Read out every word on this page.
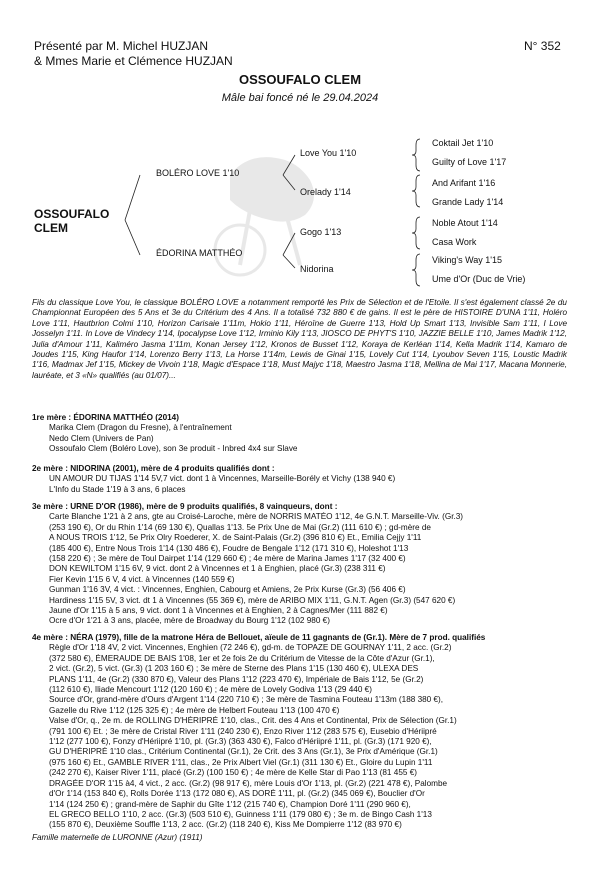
Présenté par M. Michel HUZJAN
& Mmes Marie et Clémence HUZJAN
N° 352
OSSOUFALO CLEM
Mâle bai foncé né le 29.04.2024
OSSOUFALO
CLEM
BOLÉRO LOVE 1'10
ÉDORINA MATTHÉO
Love You 1'10
Orelady 1'14
Gogo 1'13
Nidorina
Coktail Jet 1'10
Guilty of Love 1'17
And Arifant 1'16
Grande Lady 1'14
Noble Atout 1'14
Casa Work
Viking's Way 1'15
Ume d'Or (Duc de Vrie)
Fils du classique Love You, le classique BOLÉRO LOVE a notamment remporté les Prix de Sélection et de l'Etoile. Il s'est également classé 2e du Championnat Européen des 5 Ans et 3e du Critérium des 4 Ans. Il a totalisé 732 880 € de gains. Il est le père de HISTOIRE D'UNA 1'11, Holéro Love 1'11, Hautbrion Colmi 1'10, Horizon Carisaie 1'11m, Hokio 1'11, Héroïne de Guerre 1'13, Hold Up Smart 1'13, Invisible Sam 1'11, I Love Josselyn 1'11. In Love de Vindecy 1'14, Ipocalypse Love 1'12, Irminio Kily 1'13, JIOSCO DE PHYT'S 1'10, JAZZIE BELLE 1'10, James Madrik 1'12, Julia d'Amour 1'11, Kaliméro Jasma 1'11m, Konan Jersey 1'12, Kronos de Busset 1'12, Koraya de Kerléan 1'14, Kella Madrik 1'14, Kamaro de Joudes 1'15, King Haufor 1'14, Lorenzo Berry 1'13, La Horse 1'14m, Lewis de Ginai 1'15, Lovely Cut 1'14, Lyoubov Seven 1'15, Loustic Madrik 1'16, Madmax Jef 1'15, Mickey de Vivoin 1'18, Magic d'Espace 1'18, Must Majyc 1'18, Maestro Jasma 1'18, Mellina de Mai 1'17, Macana Monnerie, lauréate, et 3 «N» qualifiés (au 01/07)...
1re mère : ÉDORINA MATTHÉO (2014)
Marika Clem (Dragon du Fresne), à l'entraînement
Nedo Clem (Univers de Pan)
Ossoufalo Clem (Boléro Love), son 3e produit - Inbred 4x4 sur Slave
2e mère : NIDORINA (2001), mère de 4 produits qualifiés dont :
UN AMOUR DU TIJAS 1'14 5V,7 vict. dont 1 à Vincennes, Marseille-Borély et Vichy (138 940 €)
L'Info du Stade 1'19 à 3 ans, 6 places
3e mère : URNE D'OR (1986), mère de 9 produits qualifiés, 8 vainqueurs, dont :
Carte Blanche 1'21 à 2 ans, gte au Croisé-Laroche, mère de NORRIS MATÉO 1'12, 4e G.N.T. Marseille-Viv. (Gr.3)
(253 190 €), Or du Rhin 1'14 (69 130 €), Quallas 1'13. 5e Prix Une de Mai (Gr.2) (111 610 €) ; gd-mère de
A NOUS TROIS 1'12, 5e Prix Olry Roederer, X. de Saint-Palais (Gr.2) (396 810 €) Et., Emilia Cejjy 1'11
(185 400 €), Entre Nous Trois 1'14 (130 486 €), Foudre de Bengale 1'12 (171 310 €), Holeshot 1'13
(158 220 €) ; 3e mère de Toul Dairpet 1'14 (129 660 €) ; 4e mère de Marina James 1'17 (32 400 €)
DON KEWILTOM 1'15 6V, 9 vict. dont 2 à Vincennes et 1 à Enghien, placé (Gr.3) (238 311 €)
Fier Kevin 1'15 6 V, 4 vict. à Vincennes (140 559 €)
Gunman 1'16 3V, 4 vict. : Vincennes, Enghien, Cabourg et Amiens, 2e Prix Kurse (Gr.3) (56 406 €)
Hardiness 1'15 5V, 3 vict. dt 1 à Vincennes (55 369 €), mère de ARIBO MIX 1'11, G.N.T. Agen (Gr.3) (547 620 €)
Jaune d'Or 1'15 à 5 ans, 9 vict. dont 1 à Vincennes et à Enghien, 2 à Cagnes/Mer (111 882 €)
Ocre d'Or 1'21 à 3 ans, placée, mère de Broadway du Bourg 1'12 (102 980 €)
4e mère : NÉRA (1979), fille de la matrone Héra de Bellouet, aïeule de 11 gagnants de (Gr.1). Mère de 7 prod. qualifiés
Règle d'Or 1'18 4V, 2 vict. Vincennes, Enghien (72 246 €), gd-m. de TOPAZE DE GOURNAY 1'11, 2 acc. (Gr.2)
(372 580 €), ÉMERAUDE DE BAIS 1'08, 1er et 2e fois 2e du Critérium de Vitesse de la Côte d'Azur (Gr.1),
2 vict. (Gr.2), 5 vict. (Gr.3) (1 203 160 €) ; 3e mère de Sterne des Plans 1'15 (130 460 €), ULEXA DES
PLANS 1'11, 4e (Gr.2) (330 870 €), Valeur des Plans 1'12 (223 470 €), Impériale de Bais 1'12, 5e (Gr.2)
(112 610 €), Iliade Mencourt 1'12 (120 160 €) ; 4e mère de Lovely Godiva 1'13 (29 440 €)
Source d'Or, grand-mère d'Ours d'Argent 1'14 (220 710 €) ; 3e mère de Tasmina Fouteau 1'13m (188 380 €),
Gazelle du Rive 1'12 (125 325 €) ; 4e mère de Helbert Fouteau 1'13 (100 470 €)
Valse d'Or, q., 2e m. de ROLLING D'HÉRIPRÉ 1'10, clas., Crit. des 4 Ans et Continental, Prix de Sélection (Gr.1)
(791 100 €) Et. ; 3e mère de Cristal River 1'11 (240 230 €), Enzo River 1'12 (283 575 €), Eusebio d'Hériipré
1'12 (277 100 €), Fonzy d'Hériipré 1'10, pl. (Gr.3) (363 430 €), Falco d'Hériipré 1'11, pl. (Gr.3) (171 920 €),
GU D'HÉRIPRÉ 1'10 clas., Critérium Continental (Gr.1), 2e Crit. des 3 Ans (Gr.1), 3e Prix d'Amérique (Gr.1)
(975 160 €) Et., GAMBLE RIVER 1'11, clas., 2e Prix Albert Viel (Gr.1) (311 130 €) Et., Gloire du Lupin 1'11
(242 270 €), Kaiser River 1'11, placé (Gr.2) (100 150 €) ; 4e mère de Kelle Star di Pao 1'13 (81 455 €)
DRAGÉE D'OR 1'15 à4, 4 vict., 2 acc. (Gr.2) (98 917 €), mère Louis d'Or 1'13, pl. (Gr.2) (221 478 €), Palombe
d'Or 1'14 (153 840 €), Rolls Dorée 1'13 (172 080 €), AS DORÉ 1'11, pl. (Gr.2) (345 069 €), Bouclier d'Or
1'14 (124 250 €) ; grand-mère de Saphir du Gîte 1'12 (215 740 €), Champion Doré 1'11 (290 960 €),
EL GRECO BELLO 1'10, 2 acc. (Gr.3) (503 510 €), Guinness 1'11 (179 080 €) ; 3e m. de Bingo Cash 1'13
(155 870 €), Deuxième Souffle 1'13, 2 acc. (Gr.2) (118 240 €), Kiss Me Dompierre 1'12 (83 970 €)
Famille maternelle de LURONNE (Azur) (1911)
